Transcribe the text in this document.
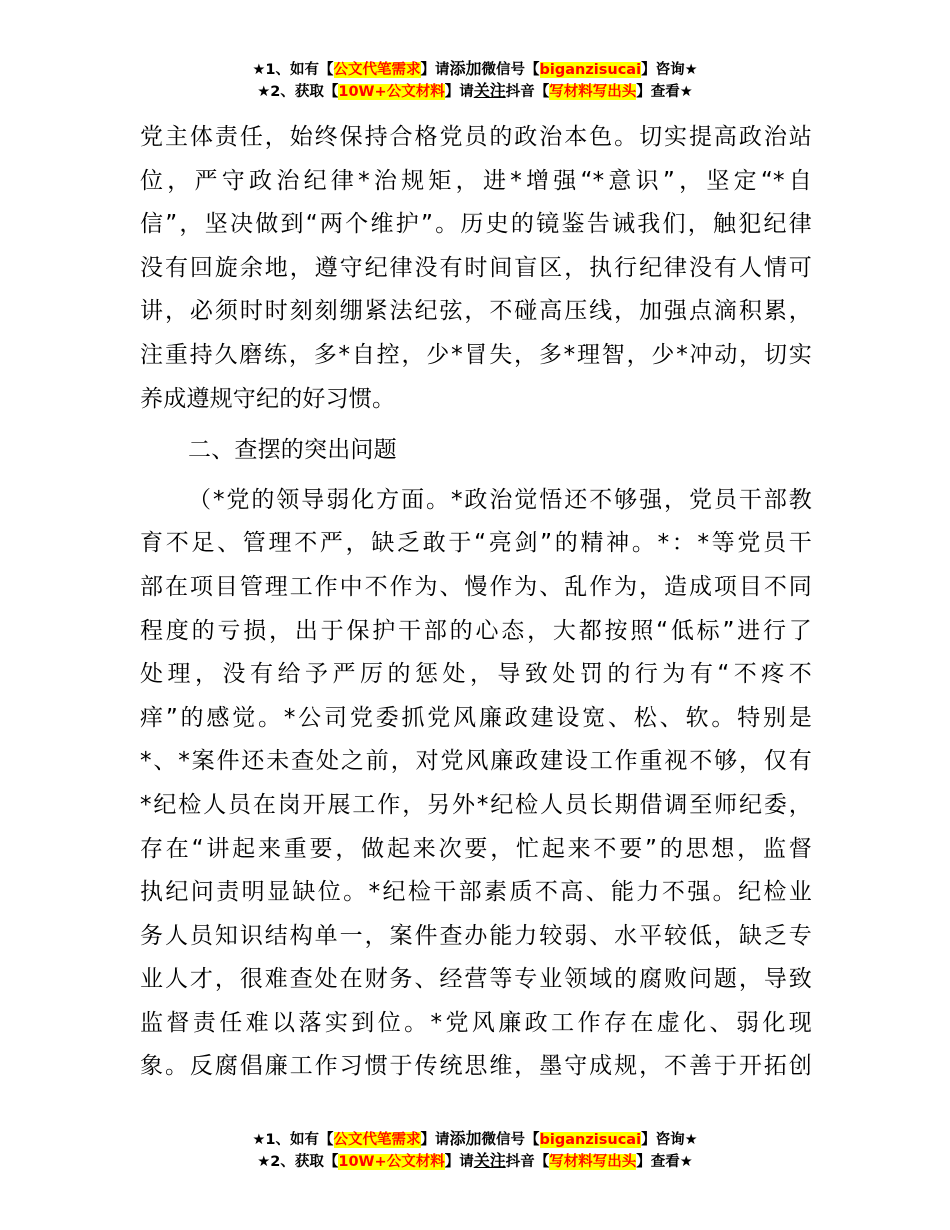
★1、如有【公文代笔需求】请添加微信号【biganzisucai】咨询★
★2、获取【10W+公文材料】请关注抖音【写材料写出头】查看★
党主体责任，始终保持合格党员的政治本色。切实提高政治站
位，严守政治纪律*治规矩，进*增强“*意识”，坚定“*自
信”，坚决做到“两个维护”。历史的镜鉴告诫我们，触犯纪律
没有回旋余地，遵守纪律没有时间盲区，执行纪律没有人情可
讲，必须时时刻刻绷紧法纪弦，不碰高压线，加强点滴积累，
注重持久磨练，多*自控，少*冒失，多*理智，少*冲动，切实
养成遵规守纪的好习惯。
二、查摆的突出问题
（*党的领导弱化方面。*政治觉悟还不够强，党员干部教
育不足、管理不严，缺乏敢于“亮剑”的精神。*：*等党员干
部在项目管理工作中不作为、慢作为、乱作为，造成项目不同
程度的亏损，出于保护干部的心态，大都按照“低标”进行了
处理，没有给予严厉的惩处，导致处罚的行为有“不疼不
痒”的感觉。*公司党委抓党风廉政建设宽、松、软。特别是
*、*案件还未查处之前，对党风廉政建设工作重视不够，仅有
*纪检人员在岗开展工作，另外*纪检人员长期借调至师纪委，
存在“讲起来重要，做起来次要，忙起来不要”的思想，监督
执纪问责明显缺位。*纪检干部素质不高、能力不强。纪检业
务人员知识结构单一，案件查办能力较弱、水平较低，缺乏专
业人才，很难查处在财务、经营等专业领域的腐败问题，导致
监督责任难以落实到位。*党风廉政工作存在虚化、弱化现
象。反腐倡廉工作习惯于传统思维，墨守成规，不善于开拓创
★1、如有【公文代笔需求】请添加微信号【biganzisucai】咨询★
★2、获取【10W+公文材料】请关注抖音【写材料写出头】查看★
